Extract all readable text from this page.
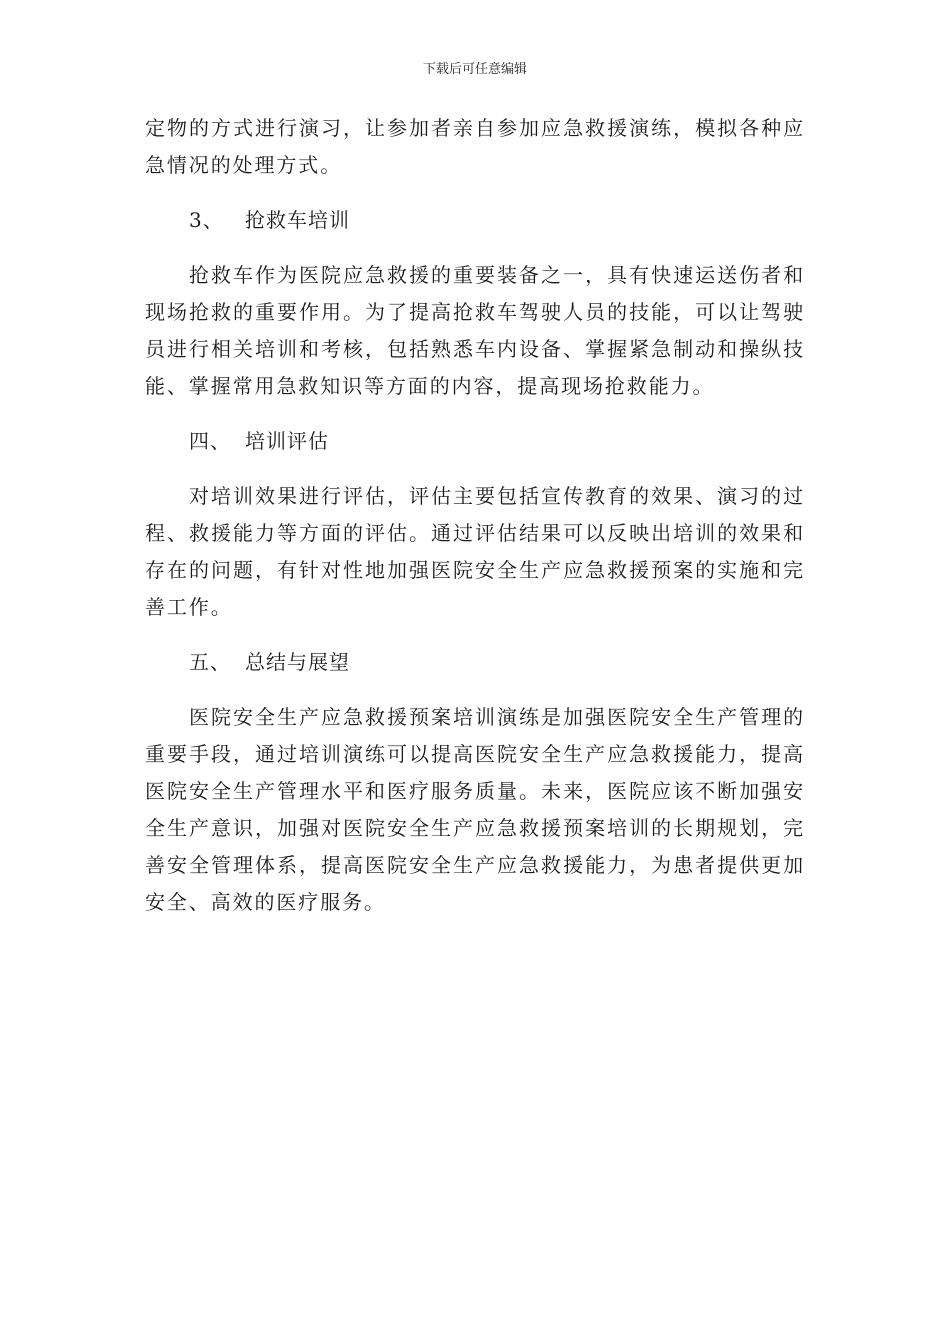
下载后可任意编辑

定物的方式进行演习，让参加者亲自参加应急救援演练，模拟各种应急情况的处理方式。

3、 抢救车培训

抢救车作为医院应急救援的重要装备之一，具有快速运送伤者和现场抢救的重要作用。为了提高抢救车驾驶人员的技能，可以让驾驶员进行相关培训和考核，包括熟悉车内设备、掌握紧急制动和操纵技能、掌握常用急救知识等方面的内容，提高现场抢救能力。

四、 培训评估

对培训效果进行评估，评估主要包括宣传教育的效果、演习的过程、救援能力等方面的评估。通过评估结果可以反映出培训的效果和存在的问题，有针对性地加强医院安全生产应急救援预案的实施和完善工作。

五、 总结与展望

医院安全生产应急救援预案培训演练是加强医院安全生产管理的重要手段，通过培训演练可以提高医院安全生产应急救援能力，提高医院安全生产管理水平和医疗服务质量。未来，医院应该不断加强安全生产意识，加强对医院安全生产应急救援预案培训的长期规划，完善安全管理体系，提高医院安全生产应急救援能力，为患者提供更加安全、高效的医疗服务。
